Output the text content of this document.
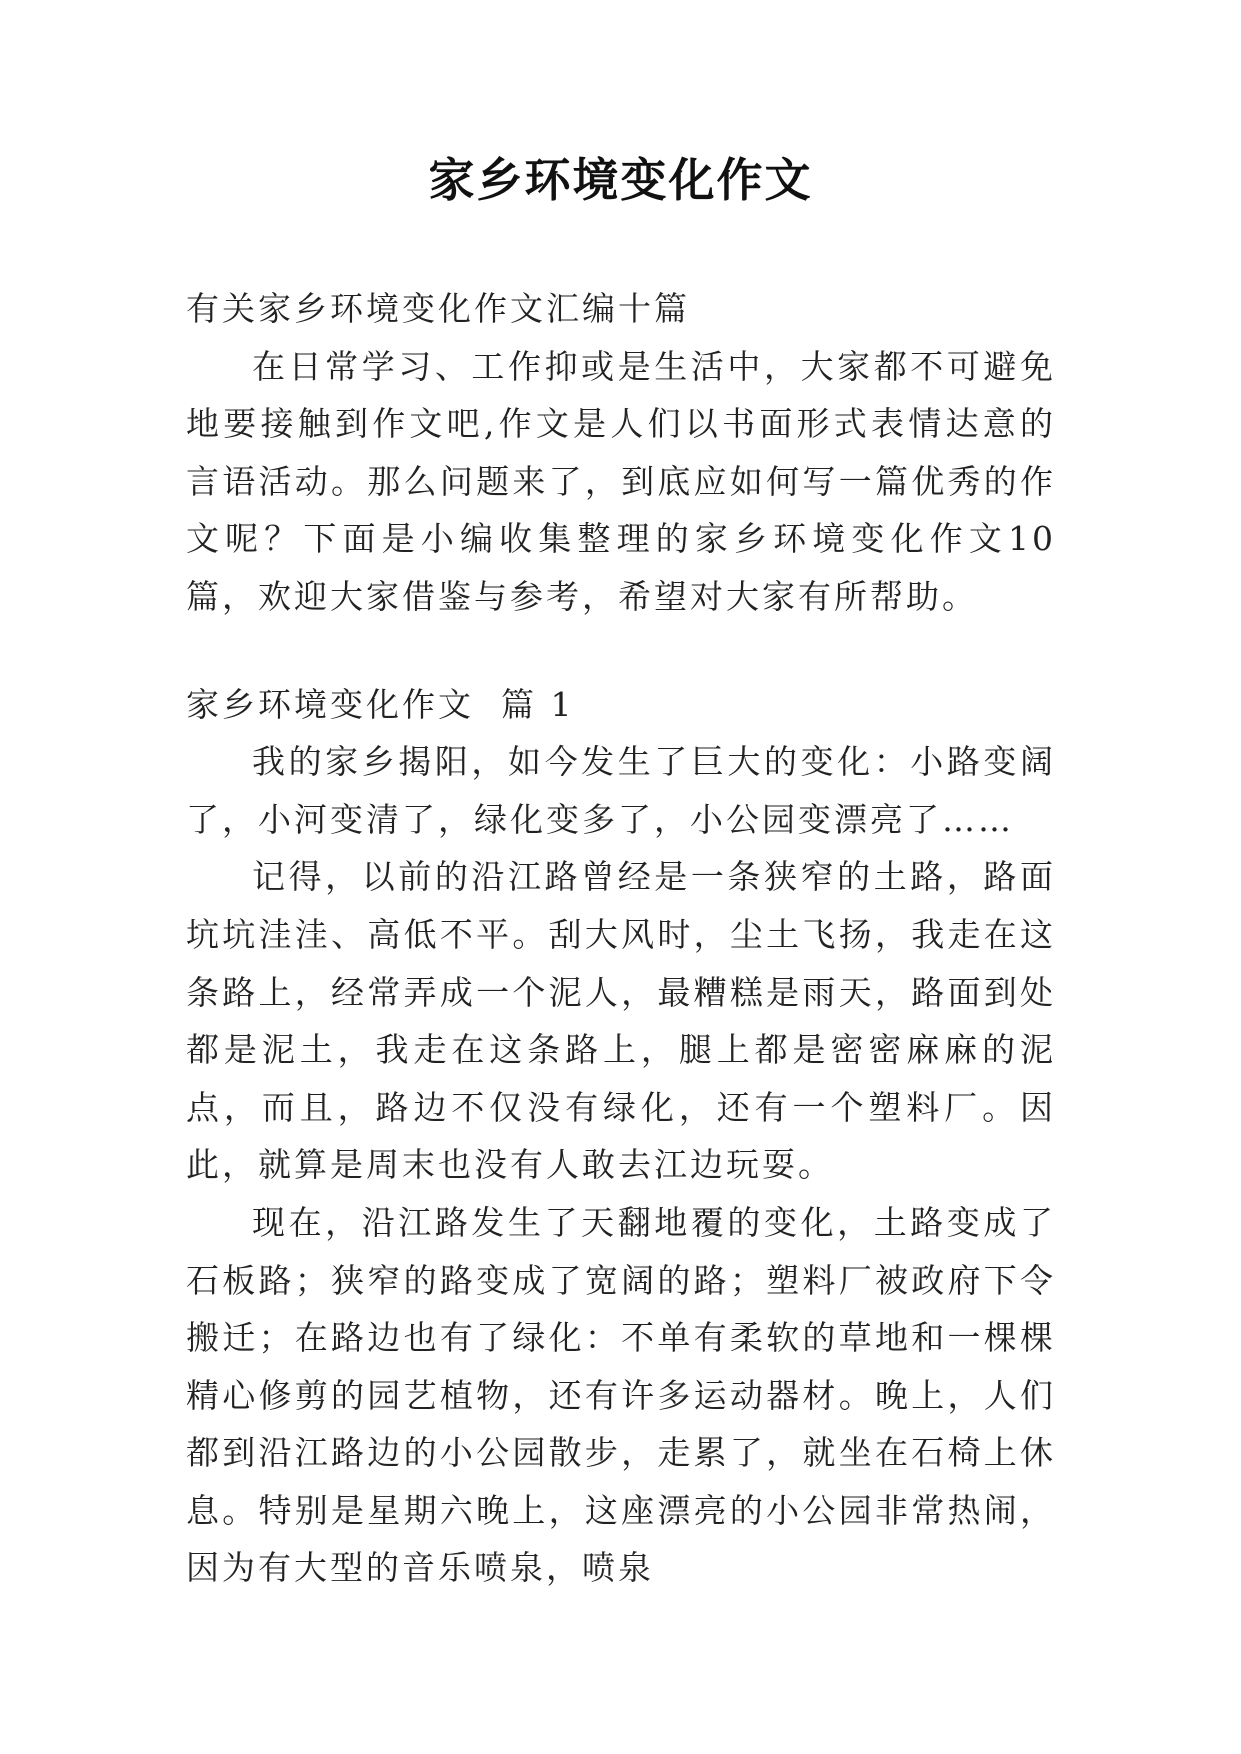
家乡环境变化作文
有关家乡环境变化作文汇编十篇
在日常学习、工作抑或是生活中，大家都不可避免地要接触到作文吧,作文是人们以书面形式表情达意的言语活动。那么问题来了，到底应如何写一篇优秀的作文呢？下面是小编收集整理的家乡环境变化作文10篇，欢迎大家借鉴与参考，希望对大家有所帮助。
家乡环境变化作文  篇 1
我的家乡揭阳，如今发生了巨大的变化：小路变阔了，小河变清了，绿化变多了，小公园变漂亮了……
记得，以前的沿江路曾经是一条狭窄的土路，路面坑坑洼洼、高低不平。刮大风时，尘土飞扬，我走在这条路上，经常弄成一个泥人，最糟糕是雨天，路面到处都是泥土，我走在这条路上，腿上都是密密麻麻的泥点，而且，路边不仅没有绿化，还有一个塑料厂。因此，就算是周末也没有人敢去江边玩耍。
现在，沿江路发生了天翻地覆的变化，土路变成了石板路；狭窄的路变成了宽阔的路；塑料厂被政府下令搬迁；在路边也有了绿化：不单有柔软的草地和一棵棵精心修剪的园艺植物，还有许多运动器材。晚上，人们都到沿江路边的小公园散步，走累了，就坐在石椅上休息。特别是星期六晚上，这座漂亮的小公园非常热闹，因为有大型的音乐喷泉，喷泉
